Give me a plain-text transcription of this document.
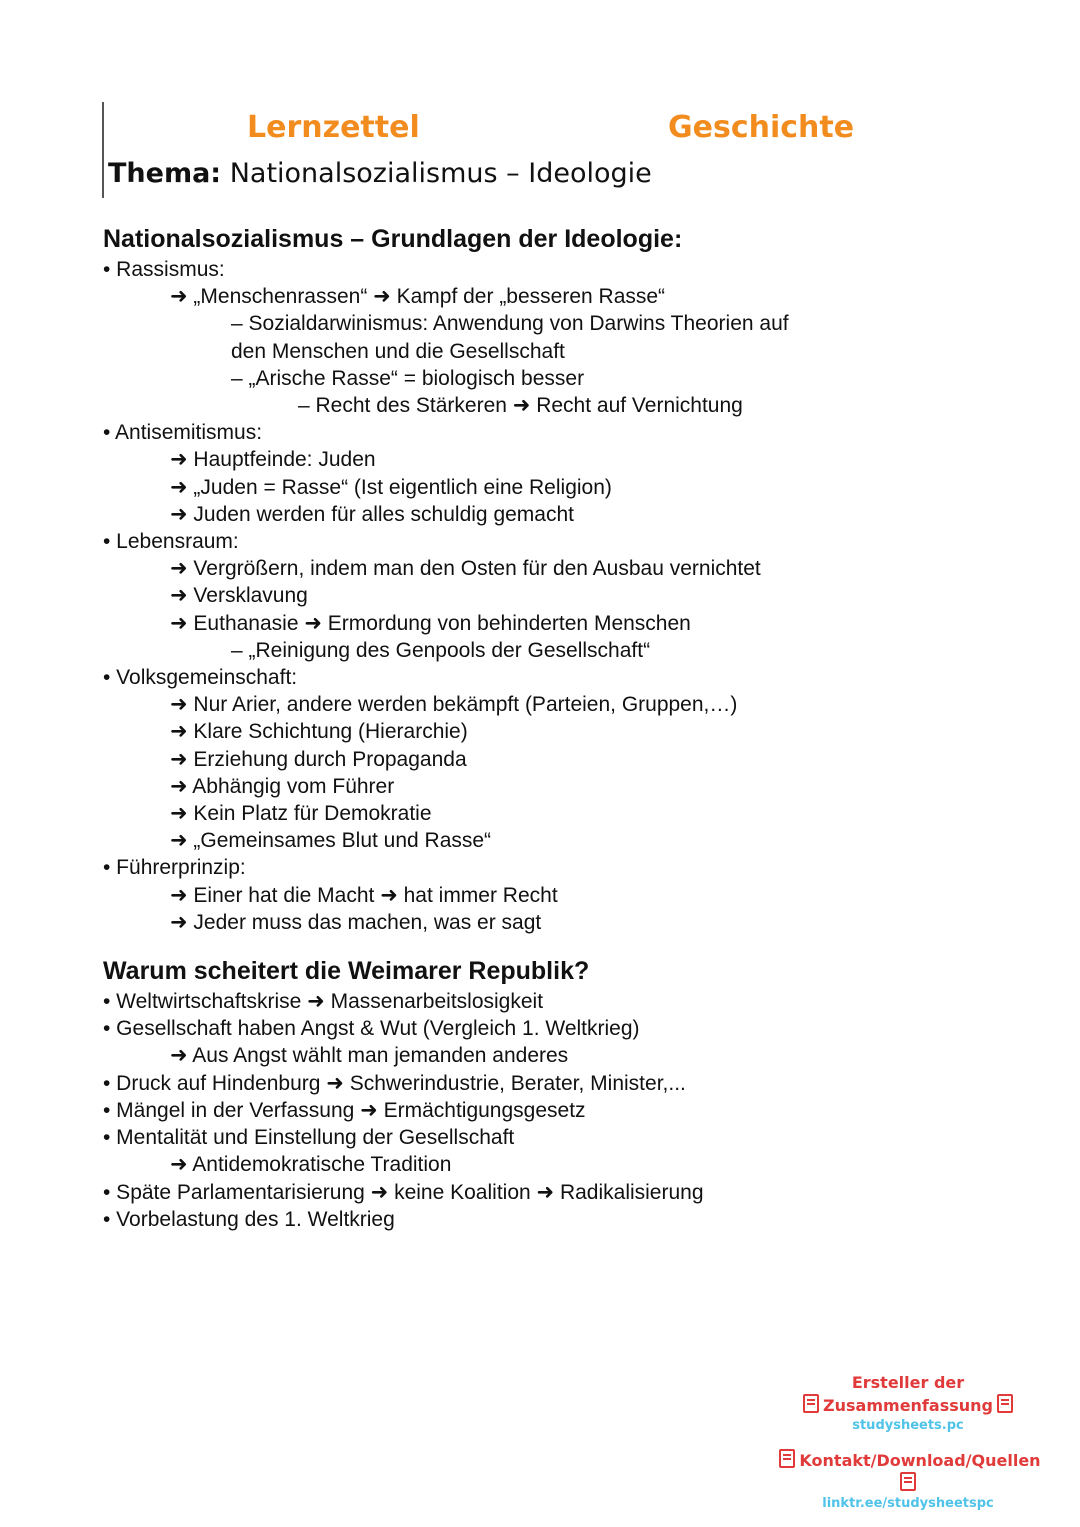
Lernzettel	Geschichte

Thema: Nationalsozialismus – Ideologie

Nationalsozialismus – Grundlagen der Ideologie:
• Rassismus:
➜ „Menschenrassen“ ➜ Kampf der „besseren Rasse“
– Sozialdarwinismus: Anwendung von Darwins Theorien auf
den Menschen und die Gesellschaft
– „Arische Rasse“ = biologisch besser
– Recht des Stärkeren ➜ Recht auf Vernichtung
• Antisemitismus:
➜ Hauptfeinde: Juden
➜ „Juden = Rasse“ (Ist eigentlich eine Religion)
➜ Juden werden für alles schuldig gemacht
• Lebensraum:
➜ Vergrößern, indem man den Osten für den Ausbau vernichtet
➜ Versklavung
➜ Euthanasie ➜ Ermordung von behinderten Menschen
– „Reinigung des Genpools der Gesellschaft“
• Volksgemeinschaft:
➜ Nur Arier, andere werden bekämpft (Parteien, Gruppen,…)
➜ Klare Schichtung (Hierarchie)
➜ Erziehung durch Propaganda
➜ Abhängig vom Führer
➜ Kein Platz für Demokratie
➜ „Gemeinsames Blut und Rasse“
• Führerprinzip:
➜ Einer hat die Macht ➜ hat immer Recht
➜ Jeder muss das machen, was er sagt
Warum scheitert die Weimarer Republik?
• Weltwirtschaftskrise ➜ Massenarbeitslosigkeit
• Gesellschaft haben Angst & Wut (Vergleich 1. Weltkrieg)
➜ Aus Angst wählt man jemanden anderes
• Druck auf Hindenburg ➜ Schwerindustrie, Berater, Minister,...
• Mängel in der Verfassung ➜ Ermächtigungsgesetz
• Mentalität und Einstellung der Gesellschaft
➜ Antidemokratische Tradition
• Späte Parlamentarisierung ➜ keine Koalition ➜ Radikalisierung
• Vorbelastung des 1. Weltkrieg
Ersteller der
Zusammenfassung
studysheets.pc
Kontakt/Download/Quellen
linktr.ee/studysheetspc
